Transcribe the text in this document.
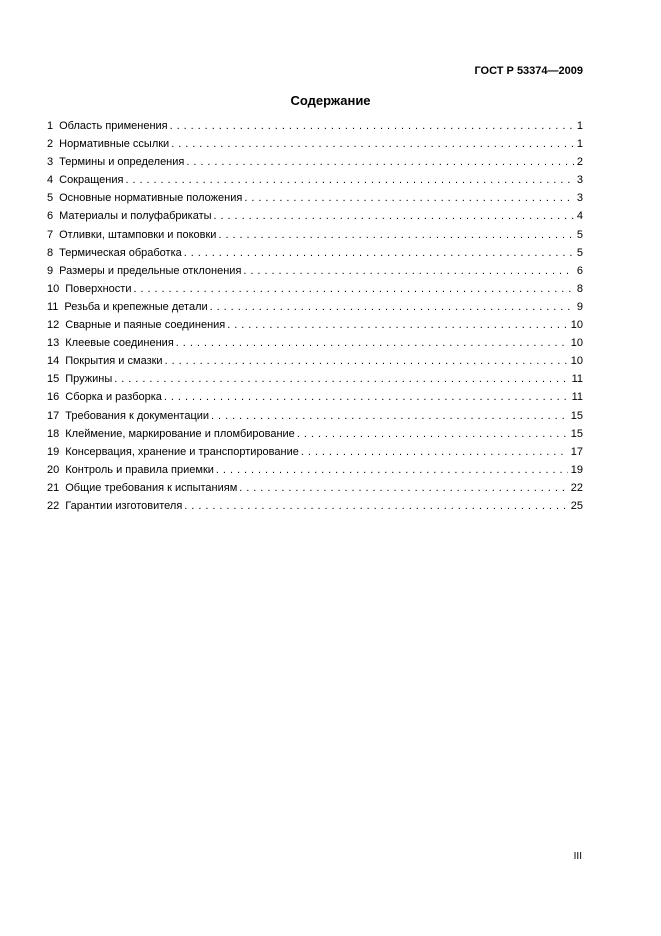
ГОСТ Р 53374—2009
Содержание
1 Область применения . . .	1
2 Нормативные ссылки . . .	1
3 Термины и определения . . .	2
4 Сокращения . . .	3
5 Основные нормативные положения . . .	3
6 Материалы и полуфабрикаты . . .	4
7 Отливки, штамповки и поковки . . .	5
8 Термическая обработка . . .	5
9 Размеры и предельные отклонения . . .	6
10 Поверхности . . .	8
11 Резьба и крепежные детали . . .	9
12 Сварные и паяные соединения . . .	10
13 Клеевые соединения . . .	10
14 Покрытия и смазки . . .	10
15 Пружины . . .	11
16 Сборка и разборка . . .	11
17 Требования к документации . . .	15
18 Клеймение, маркирование и пломбирование . . .	15
19 Консервация, хранение и транспортирование . . .	17
20 Контроль и правила приемки . . .	19
21 Общие требования к испытаниям . . .	22
22 Гарантии изготовителя . . .	25
III
